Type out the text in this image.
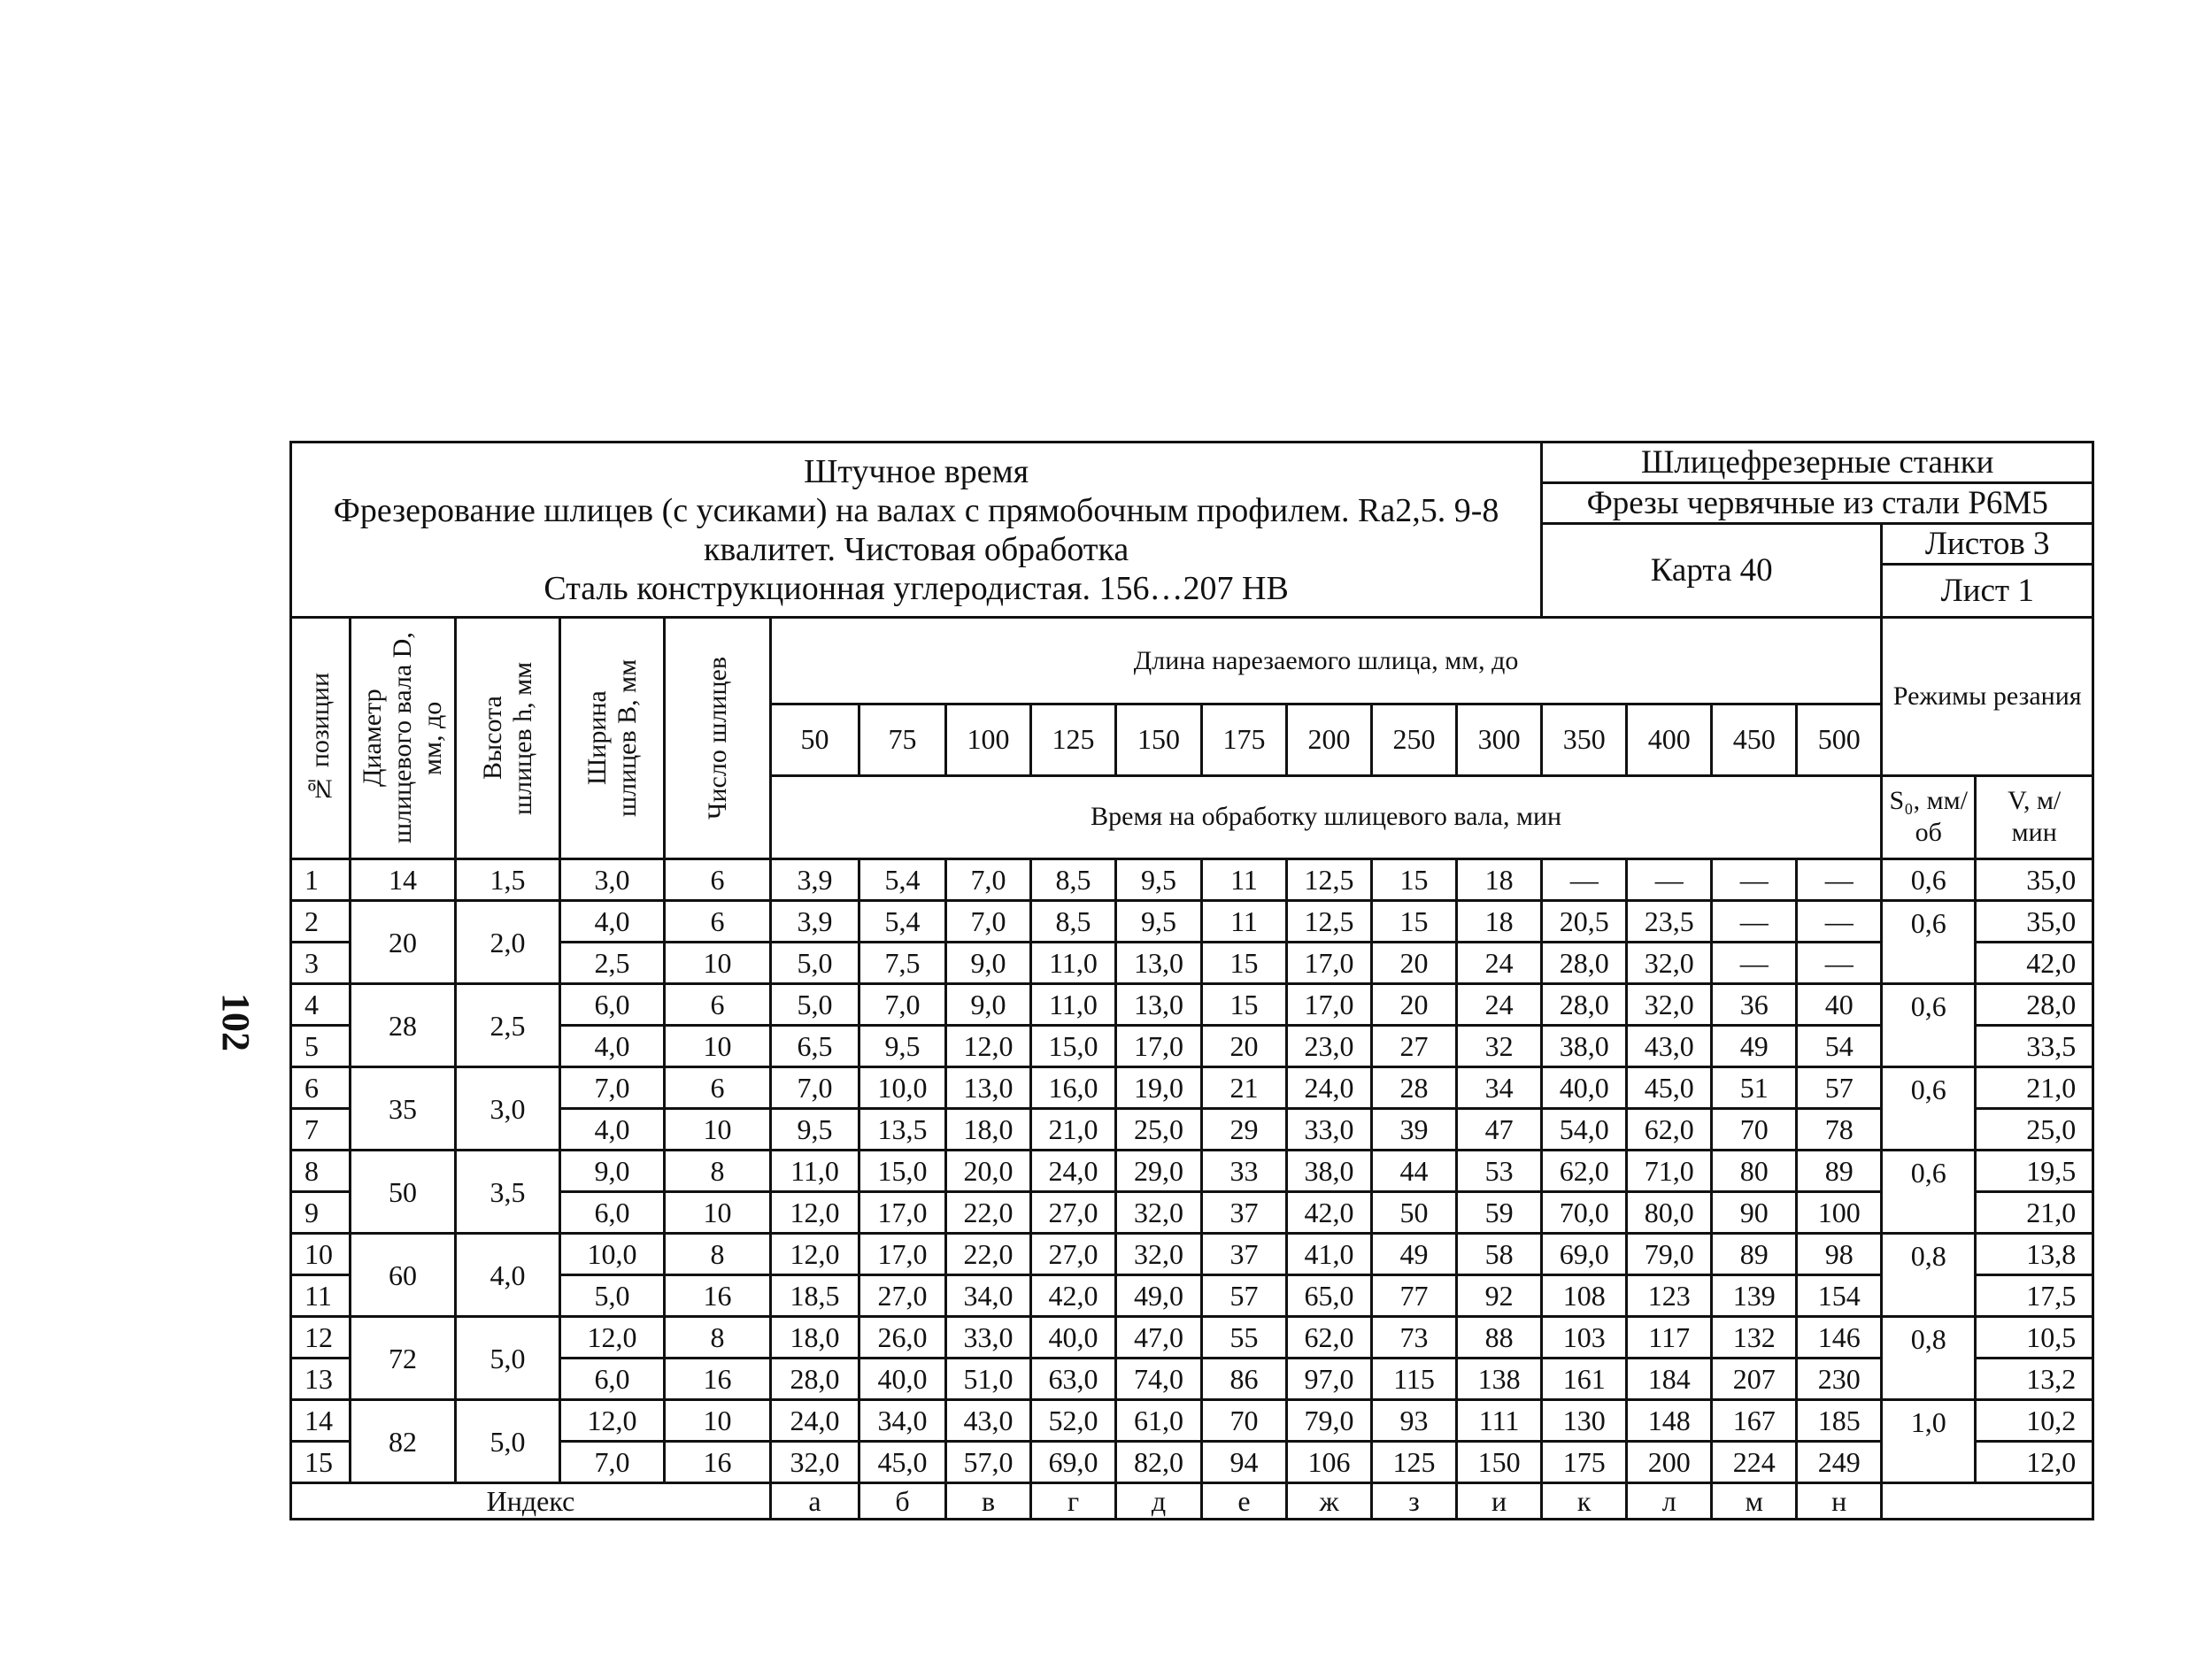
102
Штучное время
Фрезерование шлицев (с усиками) на валах с прямобочным профилем. Ra2,5. 9-8
квалитет. Чистовая обработка
Сталь конструкционная углеродистая. 156…207 НВ														Шлицефрезерные станки					
														Фрезы червячные из стали Р6М5					
														Карта 40				Листов 3	
																		Лист 1	

№ позиции	Диаметр шлицевого вала D, мм, до	Высота шлицев h, мм	Ширина шлицев B, мм	Число шлицев	Длина нарезаемого шлица, мм, до													Режимы резания	
					50	75	100	125	150	175	200	250	300	350	400	450	500		
					Время на обработку шлицевого вала, мин													S₀, мм/об	V, м/мин
1	14	1,5	3,0	6	3,9	5,4	7,0	8,5	9,5	11	12,5	15	18	—	—	—	—	0,6	35,0
2	20	2,0	4,0	6	3,9	5,4	7,0	8,5	9,5	11	12,5	15	18	20,5	23,5	—	—	0,6	35,0
3			2,5	10	5,0	7,5	9,0	11,0	13,0	15	17,0	20	24	28,0	32,0	—	—		42,0
4	28	2,5	6,0	6	5,0	7,0	9,0	11,0	13,0	15	17,0	20	24	28,0	32,0	36	40	0,6	28,0
5			4,0	10	6,5	9,5	12,0	15,0	17,0	20	23,0	27	32	38,0	43,0	49	54		33,5
6	35	3,0	7,0	6	7,0	10,0	13,0	16,0	19,0	21	24,0	28	34	40,0	45,0	51	57	0,6	21,0
7			4,0	10	9,5	13,5	18,0	21,0	25,0	29	33,0	39	47	54,0	62,0	70	78		25,0
8	50	3,5	9,0	8	11,0	15,0	20,0	24,0	29,0	33	38,0	44	53	62,0	71,0	80	89	0,6	19,5
9			6,0	10	12,0	17,0	22,0	27,0	32,0	37	42,0	50	59	70,0	80,0	90	100		21,0
10	60	4,0	10,0	8	12,0	17,0	22,0	27,0	32,0	37	41,0	49	58	69,0	79,0	89	98	0,8	13,8
11			5,0	16	18,5	27,0	34,0	42,0	49,0	57	65,0	77	92	108	123	139	154		17,5
12	72	5,0	12,0	8	18,0	26,0	33,0	40,0	47,0	55	62,0	73	88	103	117	132	146	0,8	10,5
13			6,0	16	28,0	40,0	51,0	63,0	74,0	86	97,0	115	138	161	184	207	230		13,2
14	82	5,0	12,0	10	24,0	34,0	43,0	52,0	61,0	70	79,0	93	111	130	148	167	185	1,0	10,2
15			7,0	16	32,0	45,0	57,0	69,0	82,0	94	106	125	150	175	200	224	249		12,0
Индекс					а	б	в	г	д	е	ж	з	и	к	л	м	н		
